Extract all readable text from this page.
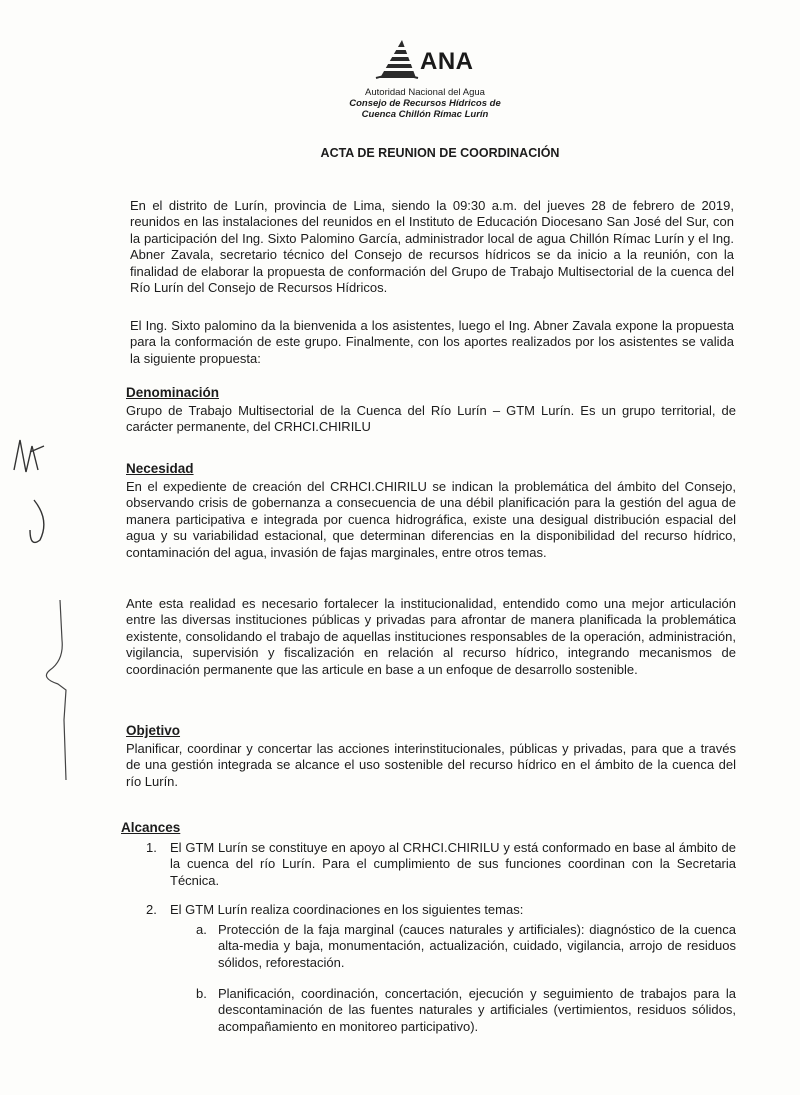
ANA
Autoridad Nacional del Agua
Consejo de Recursos Hídricos de
Cuenca Chillón Rímac Lurín
ACTA DE REUNION DE COORDINACIÓN
En el distrito de Lurín, provincia de Lima, siendo la 09:30 a.m. del jueves 28 de febrero de 2019, reunidos en las instalaciones del reunidos en el Instituto de Educación Diocesano San José del Sur, con la participación del Ing. Sixto Palomino García, administrador local de agua Chillón Rímac Lurín y el Ing. Abner Zavala, secretario técnico del Consejo de recursos hídricos se da inicio a la reunión, con la finalidad de elaborar la propuesta de conformación del Grupo de Trabajo Multisectorial de la cuenca del Río Lurín del Consejo de Recursos Hídricos.
El Ing. Sixto palomino da la bienvenida a los asistentes, luego el Ing. Abner Zavala expone la propuesta para la conformación de este grupo. Finalmente, con los aportes realizados por los asistentes se valida la siguiente propuesta:
Denominación
Grupo de Trabajo Multisectorial de la Cuenca del Río Lurín – GTM Lurín. Es un grupo territorial, de carácter permanente, del CRHCI.CHIRILU
Necesidad
En el expediente de creación del CRHCI.CHIRILU se indican la problemática del ámbito del Consejo, observando crisis de gobernanza a consecuencia de una débil planificación para la gestión del agua de manera participativa e integrada por cuenca hidrográfica, existe una desigual distribución espacial del agua y su variabilidad estacional, que determinan diferencias en la disponibilidad del recurso hídrico, contaminación del agua, invasión de fajas marginales, entre otros temas.
Ante esta realidad es necesario fortalecer la institucionalidad, entendido como una mejor articulación entre las diversas instituciones públicas y privadas para afrontar de manera planificada la problemática existente, consolidando el trabajo de aquellas instituciones responsables de la operación, administración, vigilancia, supervisión y fiscalización en relación al recurso hídrico, integrando mecanismos de coordinación permanente que las articule en base a un enfoque de desarrollo sostenible.
Objetivo
Planificar, coordinar y concertar las acciones interinstitucionales, públicas y privadas, para que a través de una gestión integrada se alcance el uso sostenible del recurso hídrico en el ámbito de la cuenca del río Lurín.
Alcances
1. El GTM Lurín se constituye en apoyo al CRHCI.CHIRILU y está conformado en base al ámbito de la cuenca del río Lurín. Para el cumplimiento de sus funciones coordinan con la Secretaria Técnica.
2. El GTM Lurín realiza coordinaciones en los siguientes temas:
a. Protección de la faja marginal (cauces naturales y artificiales): diagnóstico de la cuenca alta-media y baja, monumentación, actualización, cuidado, vigilancia, arrojo de residuos sólidos, reforestación.
b. Planificación, coordinación, concertación, ejecución y seguimiento de trabajos para la descontaminación de las fuentes naturales y artificiales (vertimientos, residuos sólidos, acompañamiento en monitoreo participativo).
